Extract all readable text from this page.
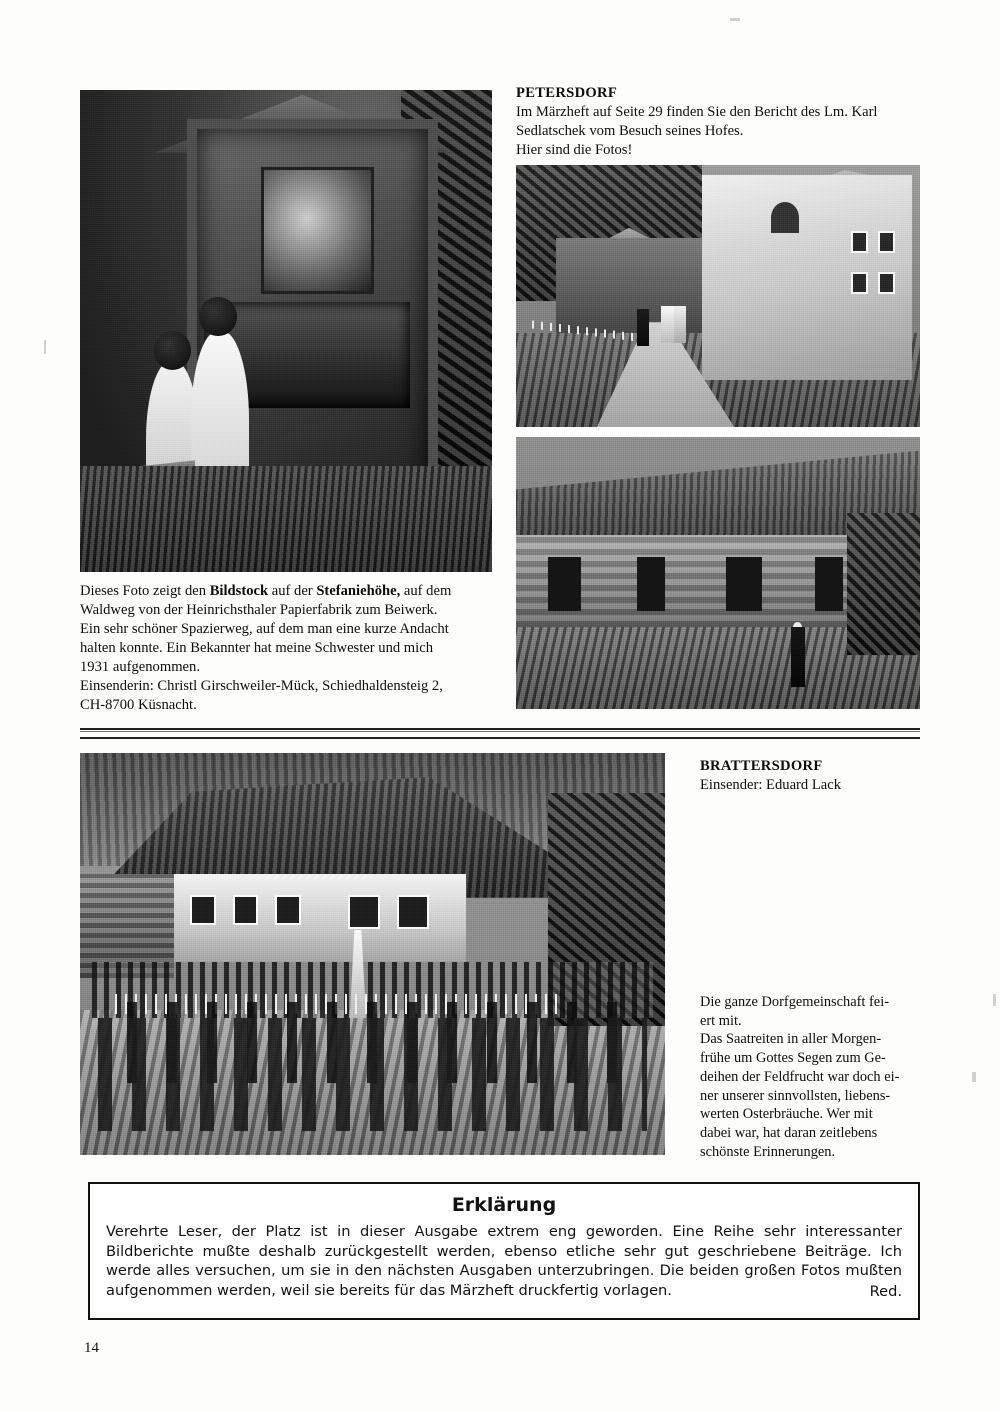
PETERSDORF
Im Märzheft auf Seite 29 finden Sie den Bericht des Lm. Karl
Sedlatschek vom Besuch seines Hofes.
Hier sind die Fotos!
Dieses Foto zeigt den Bildstock auf der Stefaniehöhe, auf dem
Waldweg von der Heinrichsthaler Papierfabrik zum Beiwerk.
Ein sehr schöner Spazierweg, auf dem man eine kurze Andacht
halten konnte. Ein Bekannter hat meine Schwester und mich
1931 aufgenommen.
Einsenderin: Christl Girschweiler-Mück, Schiedhaldensteig 2,
CH-8700 Küsnacht.
BRATTERSDORF
Einsender: Eduard Lack
Die ganze Dorfgemeinschaft fei-
ert mit.
Das Saatreiten in aller Morgen-
frühe um Gottes Segen zum Ge-
deihen der Feldfrucht war doch ei-
ner unserer sinnvollsten, liebens-
werten Osterbräuche. Wer mit
dabei war, hat daran zeitlebens
schönste Erinnerungen.
Erklärung
Verehrte Leser, der Platz ist in dieser Ausgabe extrem eng geworden. Eine Reihe sehr interessanter Bildberichte mußte deshalb zurückgestellt werden, ebenso etliche sehr gut geschriebene Beiträge. Ich werde alles versuchen, um sie in den nächsten Ausgaben unterzubringen. Die beiden großen Fotos mußten aufgenommen werden, weil sie bereits für das Märzheft druckfertig vorlagen.	Red.
14
